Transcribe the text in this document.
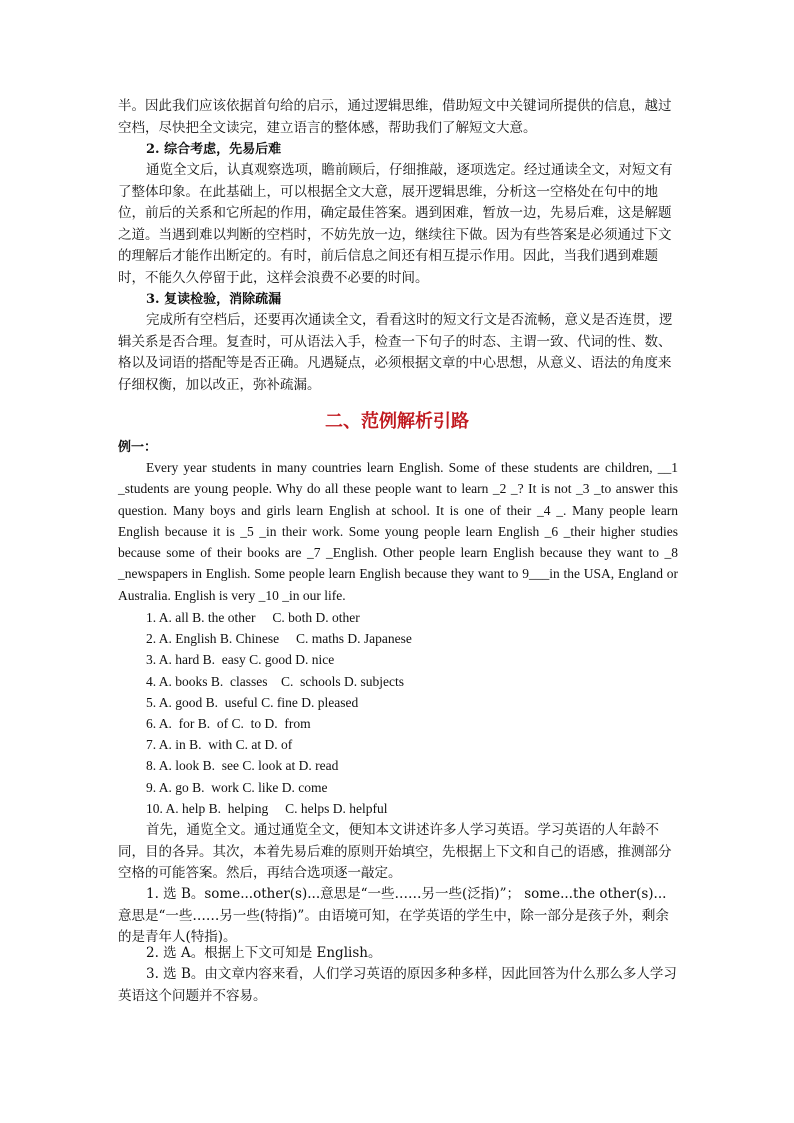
半。因此我们应该依据首句给的启示，通过逻辑思维，借助短文中关键词所提供的信息，越过空档，尽快把全文读完，建立语言的整体感，帮助我们了解短文大意。

2. 综合考虑，先易后难

通览全文后，认真观察选项，瞻前顾后，仔细推敲，逐项选定。经过通读全文，对短文有了整体印象。在此基础上，可以根据全文大意，展开逻辑思维，分析这一空格处在句中的地位，前后的关系和它所起的作用，确定最佳答案。遇到困难，暂放一边，先易后难，这是解题之道。当遇到难以判断的空档时，不妨先放一边，继续往下做。因为有些答案是必须通过下文的理解后才能作出断定的。有时，前后信息之间还有相互提示作用。因此，当我们遇到难题时，不能久久停留于此，这样会浪费不必要的时间。

3. 复读检验，消除疏漏

完成所有空档后，还要再次通读全文，看看这时的短文行文是否流畅，意义是否连贯，逻辑关系是否合理。复查时，可从语法入手，检查一下句子的时态、主谓一致、代词的性、数、格以及词语的搭配等是否正确。凡遇疑点，必须根据文章的中心思想，从意义、语法的角度来仔细权衡，加以改正，弥补疏漏。

二、范例解析引路
例一：

Every year students in many countries learn English. Some of these students are children, __1 _students are young people. Why do all these people want to learn _2 _? It is not _3 _to answer this question. Many boys and girls learn English at school. It is one of their _4 _. Many people learn English because it is _5 _in their work. Some young people learn English _6 _their higher studies because some of their books are _7 _English. Other people learn English because they want to _8 _newspapers in English. Some people learn English because they want to 9___in the USA, England or Australia. English is very _10 _in our life.

1. A. all B. the other     C. both D. other
2. A. English B. Chinese     C. maths D. Japanese
3. A. hard B.  easy C. good D. nice
4. A. books B.  classes    C.  schools D. subjects
5. A. good B.  useful C. fine D. pleased
6. A.  for B.  of C.  to D.  from
7. A. in B.  with C. at D. of
8. A. look B.  see C. look at D. read
9. A. go B.  work C. like D. come
10. A. help B.  helping     C. helps D. helpful

首先，通览全文。通过通览全文，便知本文讲述许多人学习英语。学习英语的人年龄不同，目的各异。其次，本着先易后难的原则开始填空，先根据上下文和自己的语感，推测部分空格的可能答案。然后，再结合选项逐一敲定。

1. 选 B。some...other(s)...意思是“一些……另一些(泛指)”； some...the other(s)...意思是“一些……另一些(特指)”。由语境可知，在学英语的学生中，除一部分是孩子外，剩余的是青年人(特指)。

2. 选 A。根据上下文可知是 English。

3. 选 B。由文章内容来看，人们学习英语的原因多种多样，因此回答为什么那么多人学习英语这个问题并不容易。
